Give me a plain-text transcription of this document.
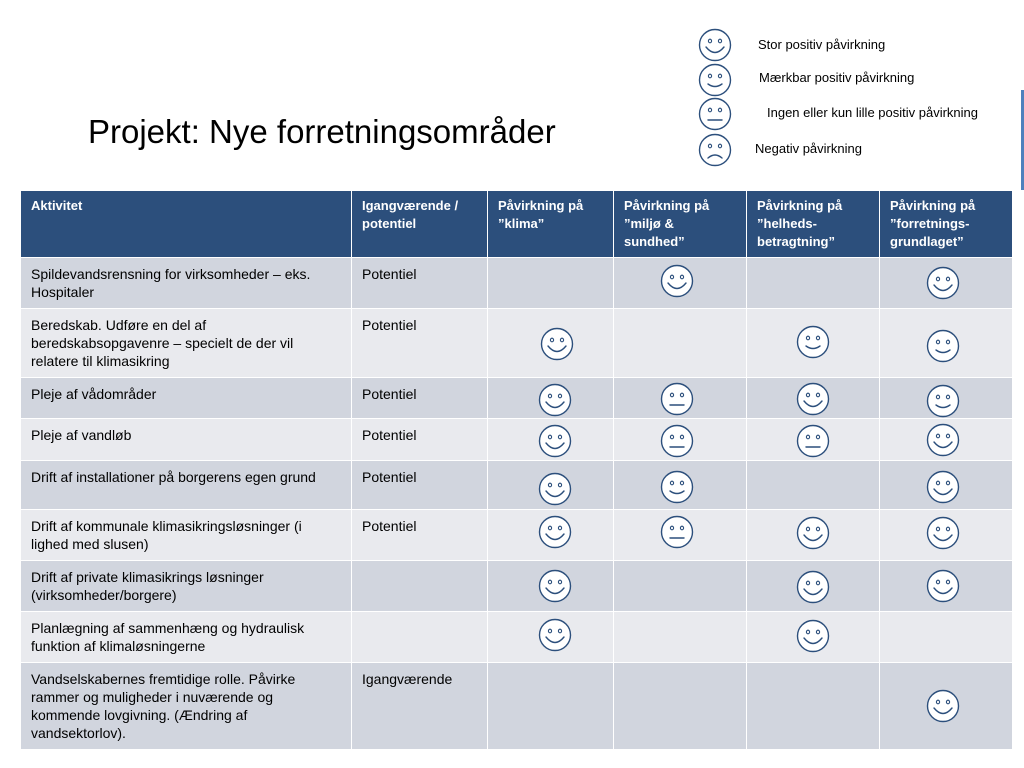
Projekt: Nye forretningsområder
Stor positiv påvirkning
Mærkbar positiv påvirkning
Ingen eller kun lille positiv påvirkning
Negativ påvirkning
Aktivitet	Igangværende / potentiel	Påvirkning på ”klima”	Påvirkning på ”miljø & sundhed”	Påvirkning på ”helheds-betragtning”	Påvirkning på ”forretnings-grundlaget”
Spildevandsrensning for virksomheder – eks. Hospitaler	Potentiel		

Beredskab. Udføre en del af beredskabsopgavenre – specielt de der vil relatere til klimasikring	Potentiel	

Pleje af vådområder	Potentiel	

Pleje af vandløb	Potentiel	

Drift af installationer på borgerens egen grund	Potentiel	

Drift af kommunale klimasikringsløsninger (i lighed med slusen)	Potentiel	

Drift af private klimasikrings løsninger (virksomheder/borgere)		

Planlægning af sammenhæng og hydraulisk funktion af klimaløsningerne		

Vandselskabernes fremtidige rolle. Påvirke rammer og muligheder i nuværende og kommende lovgivning. (Ændring af vandsektorlov).	Igangværende				
